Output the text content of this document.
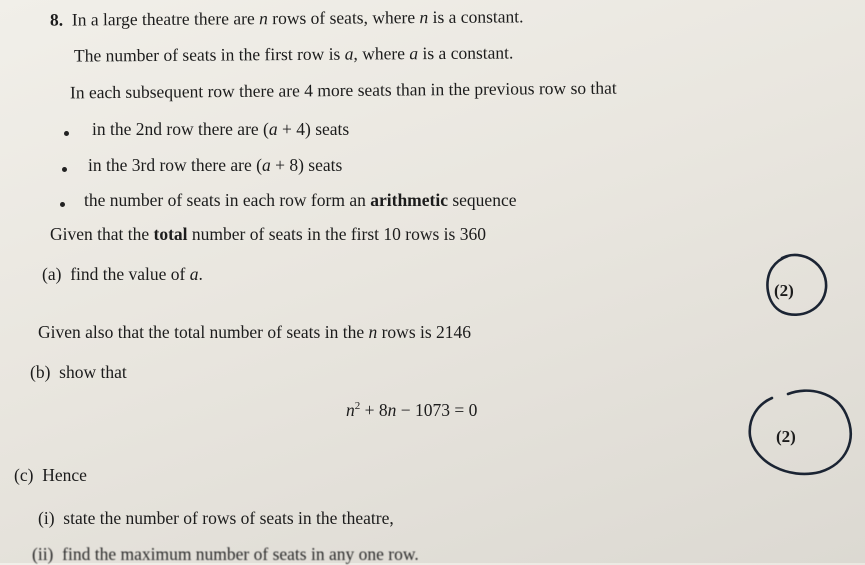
8. In a large theatre there are n rows of seats, where n is a constant.
The number of seats in the first row is a, where a is a constant.
In each subsequent row there are 4 more seats than in the previous row so that
in the 2nd row there are (a + 4) seats
in the 3rd row there are (a + 8) seats
the number of seats in each row form an arithmetic sequence
Given that the total number of seats in the first 10 rows is 360
(a) find the value of a.
(2)
Given also that the total number of seats in the n rows is 2146
(b) show that
$n^2 + 8n - 1073 = 0$
(2)
(c) Hence
(i) state the number of rows of seats in the theatre,
(ii) find the maximum number of seats in any one row.
